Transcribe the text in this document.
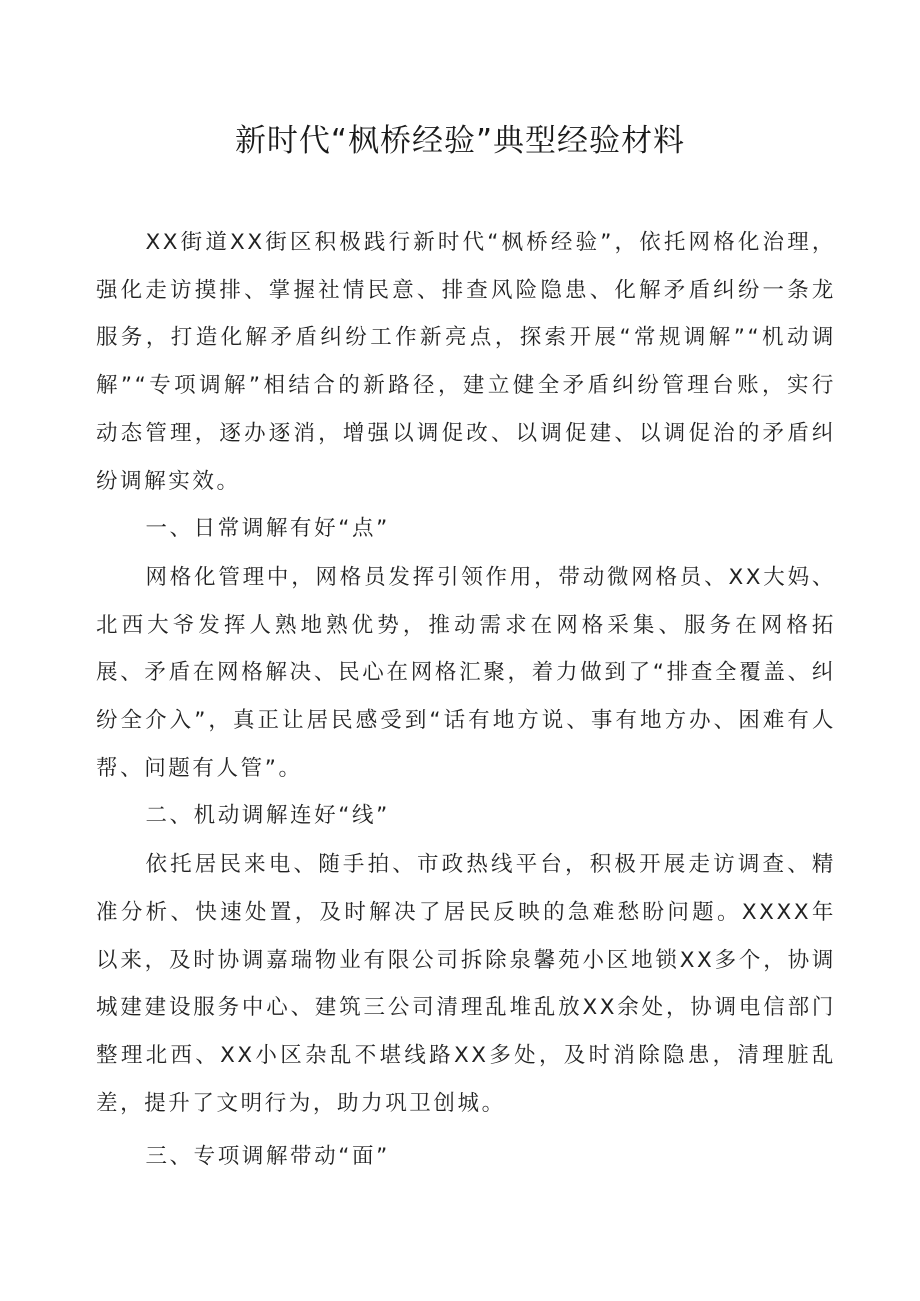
新时代“枫桥经验”典型经验材料

XX街道XX街区积极践行新时代“枫桥经验”，依托网格化治理，强化走访摸排、掌握社情民意、排查风险隐患、化解矛盾纠纷一条龙服务，打造化解矛盾纠纷工作新亮点，探索开展“常规调解”“机动调解”“专项调解”相结合的新路径，建立健全矛盾纠纷管理台账，实行动态管理，逐办逐消，增强以调促改、以调促建、以调促治的矛盾纠纷调解实效。

一、日常调解有好“点”

网格化管理中，网格员发挥引领作用，带动微网格员、XX大妈、北西大爷发挥人熟地熟优势，推动需求在网格采集、服务在网格拓展、矛盾在网格解决、民心在网格汇聚，着力做到了“排查全覆盖、纠纷全介入”，真正让居民感受到“话有地方说、事有地方办、困难有人帮、问题有人管”。

二、机动调解连好“线”

依托居民来电、随手拍、市政热线平台，积极开展走访调查、精准分析、快速处置，及时解决了居民反映的急难愁盼问题。XXXX年以来，及时协调嘉瑞物业有限公司拆除泉馨苑小区地锁XX多个，协调城建建设服务中心、建筑三公司清理乱堆乱放XX余处，协调电信部门整理北西、XX小区杂乱不堪线路XX多处，及时消除隐患，清理脏乱差，提升了文明行为，助力巩卫创城。

三、专项调解带动“面”
